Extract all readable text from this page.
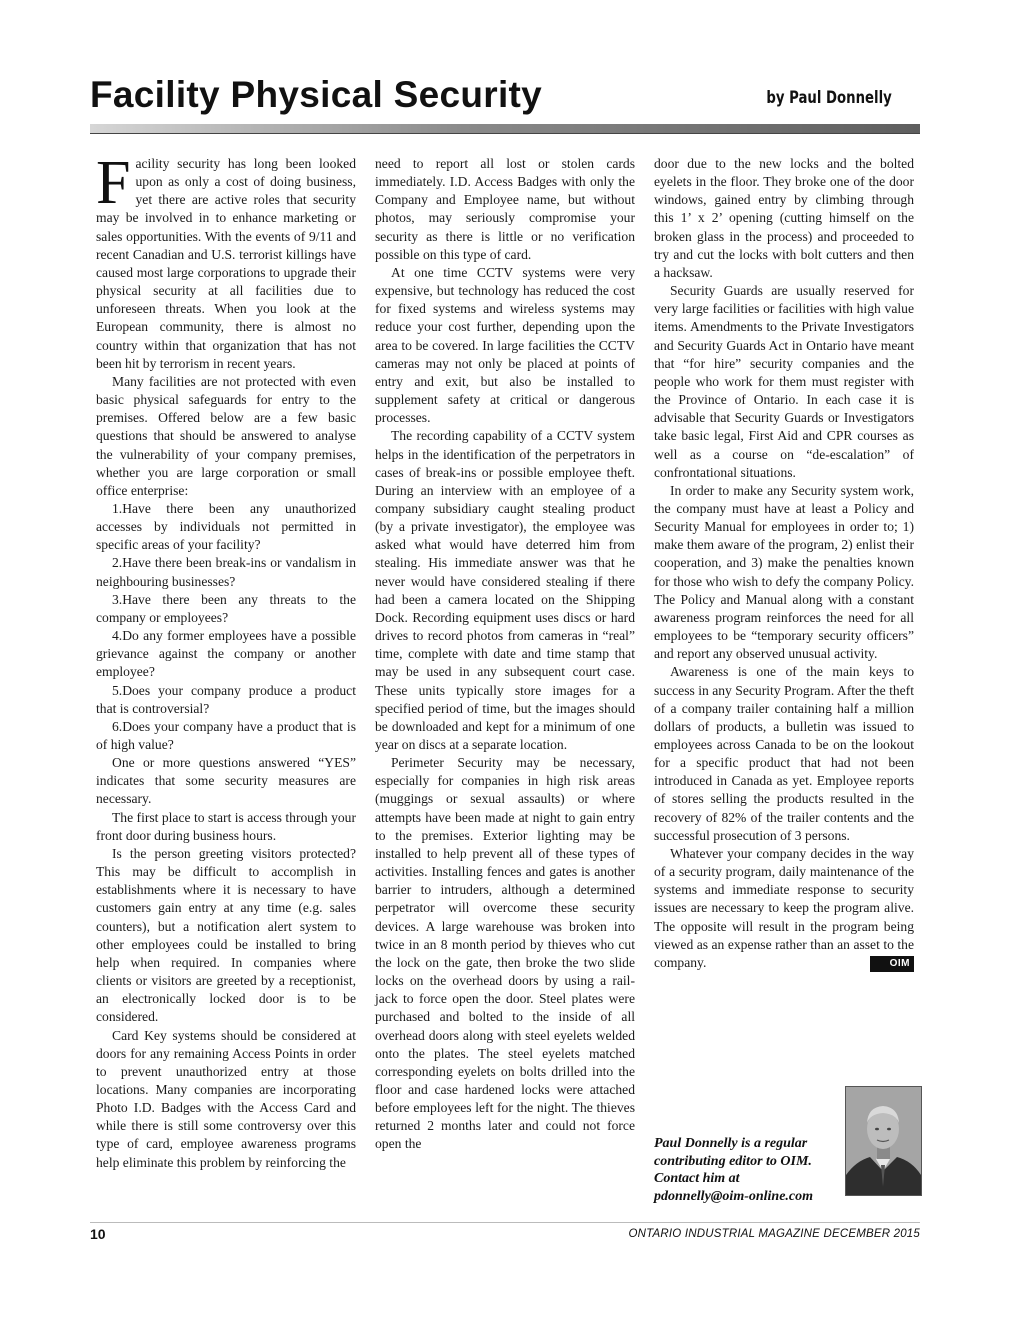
Facility Physical Security	by Paul Donnelly

Facility security has long been looked upon as only a cost of doing business, yet there are active roles that security may be involved in to enhance marketing or sales opportunities. With the events of 9/11 and recent Canadian and U.S. terrorist killings have caused most large corporations to upgrade their physical security at all facilities due to unforeseen threats. When you look at the European community, there is almost no country within that organization that has not been hit by terrorism in recent years.

Many facilities are not protected with even basic physical safeguards for entry to the premises. Offered below are a few basic questions that should be answered to analyse the vulnerability of your company premises, whether you are large corporation or small office enterprise:

1.Have there been any unauthorized accesses by individuals not permitted in specific areas of your facility?

2.Have there been break-ins or vandalism in neighbouring businesses?

3.Have there been any threats to the company or employees?

4.Do any former employees have a possible grievance against the company or another employee?

5.Does your company produce a product that is controversial?

6.Does your company have a product that is of high value?

One or more questions answered “YES” indicates that some security measures are necessary.

The first place to start is access through your front door during business hours.

Is the person greeting visitors protected? This may be difficult to accomplish in establishments where it is necessary to have customers gain entry at any time (e.g. sales counters), but a notification alert system to other employees could be installed to bring help when required. In companies where clients or visitors are greeted by a receptionist, an electronically locked door is to be considered.

Card Key systems should be considered at doors for any remaining Access Points in order to prevent unauthorized entry at those locations. Many companies are incorporating Photo I.D. Badges with the Access Card and while there is still some controversy over this type of card, employee awareness programs help eliminate this problem by reinforcing the

need to report all lost or stolen cards immediately. I.D. Access Badges with only the Company and Employee name, but without photos, may seriously compromise your security as there is little or no verification possible on this type of card.

At one time CCTV systems were very expensive, but technology has reduced the cost for fixed systems and wireless systems may reduce your cost further, depending upon the area to be covered. In large facilities the CCTV cameras may not only be placed at points of entry and exit, but also be installed to supplement safety at critical or dangerous processes.

The recording capability of a CCTV system helps in the identification of the perpetrators in cases of break-ins or possible employee theft. During an interview with an employee of a company subsidiary caught stealing product (by a private investigator), the employee was asked what would have deterred him from stealing. His immediate answer was that he never would have considered stealing if there had been a camera located on the Shipping Dock. Recording equipment uses discs or hard drives to record photos from cameras in “real” time, complete with date and time stamp that may be used in any subsequent court case. These units typically store images for a specified period of time, but the images should be downloaded and kept for a minimum of one year on discs at a separate location.

Perimeter Security may be necessary, especially for companies in high risk areas (muggings or sexual assaults) or where attempts have been made at night to gain entry to the premises. Exterior lighting may be installed to help prevent all of these types of activities. Installing fences and gates is another barrier to intruders, although a determined perpetrator will overcome these security devices. A large warehouse was broken into twice in an 8 month period by thieves who cut the lock on the gate, then broke the two slide locks on the overhead doors by using a rail-jack to force open the door. Steel plates were purchased and bolted to the inside of all overhead doors along with steel eyelets welded onto the plates. The steel eyelets matched corresponding eyelets on bolts drilled into the floor and case hardened locks were attached before employees left for the night. The thieves returned 2 months later and could not force open the

door due to the new locks and the bolted eyelets in the floor. They broke one of the door windows, gained entry by climbing through this 1’ x 2’ opening (cutting himself on the broken glass in the process) and proceeded to try and cut the locks with bolt cutters and then a hacksaw.

Security Guards are usually reserved for very large facilities or facilities with high value items. Amendments to the Private Investigators and Security Guards Act in Ontario have meant that “for hire” security companies and the people who work for them must register with the Province of Ontario. In each case it is advisable that Security Guards or Investigators take basic legal, First Aid and CPR courses as well as a course on “de-escalation” of confrontational situations.

In order to make any Security system work, the company must have at least a Policy and Security Manual for employees in order to; 1) make them aware of the program, 2) enlist their cooperation, and 3) make the penalties known for those who wish to defy the company Policy. The Policy and Manual along with a constant awareness program reinforces the need for all employees to be “temporary security officers” and report any observed unusual activity.

Awareness is one of the main keys to success in any Security Program. After the theft of a company trailer containing half a million dollars of products, a bulletin was issued to employees across Canada to be on the lookout for a specific product that had not been introduced in Canada as yet. Employee reports of stores selling the products resulted in the recovery of 82% of the trailer contents and the successful prosecution of 3 persons.

Whatever your company decides in the way of a security program, daily maintenance of the systems and immediate response to security issues are necessary to keep the program alive. The opposite will result in the program being viewed as an expense rather than an asset to the company.	OIM

Paul Donnelly is a regular
contributing editor to OIM.
Contact him at
pdonnelly@oim-online.com

10	ONTARIO INDUSTRIAL MAGAZINE DECEMBER 2015
